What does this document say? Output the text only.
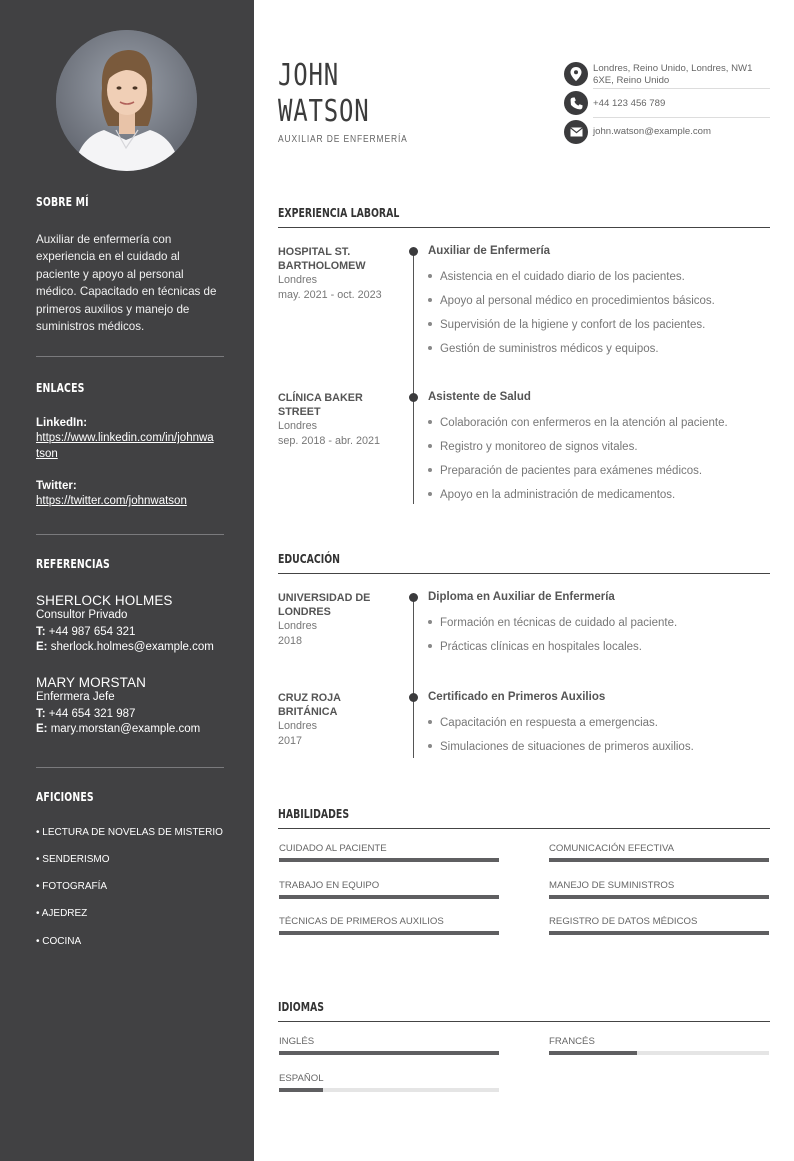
SOBRE MÍ
Auxiliar de enfermería con experiencia en el cuidado al paciente y apoyo al personal médico. Capacitado en técnicas de primeros auxilios y manejo de suministros médicos.
ENLACES
LinkedIn:
https://www.linkedin.com/in/johnwatson
Twitter:
https://twitter.com/johnwatson
REFERENCIAS
SHERLOCK HOLMES
Consultor Privado
T: +44 987 654 321
E: sherlock.holmes@example.com
MARY MORSTAN
Enfermera Jefe
T: +44 654 321 987
E: mary.morstan@example.com
AFICIONES
• LECTURA DE NOVELAS DE MISTERIO
• SENDERISMO
• FOTOGRAFÍA
• AJEDREZ
• COCINA
JOHN
WATSON
AUXILIAR DE ENFERMERÍA
Londres, Reino Unido, Londres, NW1 6XE, Reino Unido
+44 123 456 789
john.watson@example.com
EXPERIENCIA LABORAL
HOSPITAL ST. BARTHOLOMEW
Londres
may. 2021 - oct. 2023
Auxiliar de Enfermería
Asistencia en el cuidado diario de los pacientes.
Apoyo al personal médico en procedimientos básicos.
Supervisión de la higiene y confort de los pacientes.
Gestión de suministros médicos y equipos.
CLÍNICA BAKER STREET
Londres
sep. 2018 - abr. 2021
Asistente de Salud
Colaboración con enfermeros en la atención al paciente.
Registro y monitoreo de signos vitales.
Preparación de pacientes para exámenes médicos.
Apoyo en la administración de medicamentos.
EDUCACIÓN
UNIVERSIDAD DE LONDRES
Londres
2018
Diploma en Auxiliar de Enfermería
Formación en técnicas de cuidado al paciente.
Prácticas clínicas en hospitales locales.
CRUZ ROJA BRITÁNICA
Londres
2017
Certificado en Primeros Auxilios
Capacitación en respuesta a emergencias.
Simulaciones de situaciones de primeros auxilios.
HABILIDADES
CUIDADO AL PACIENTE	COMUNICACIÓN EFECTIVA
TRABAJO EN EQUIPO	MANEJO DE SUMINISTROS
TÉCNICAS DE PRIMEROS AUXILIOS	REGISTRO DE DATOS MÉDICOS
IDIOMAS
INGLÉS	FRANCÉS
ESPAÑOL
